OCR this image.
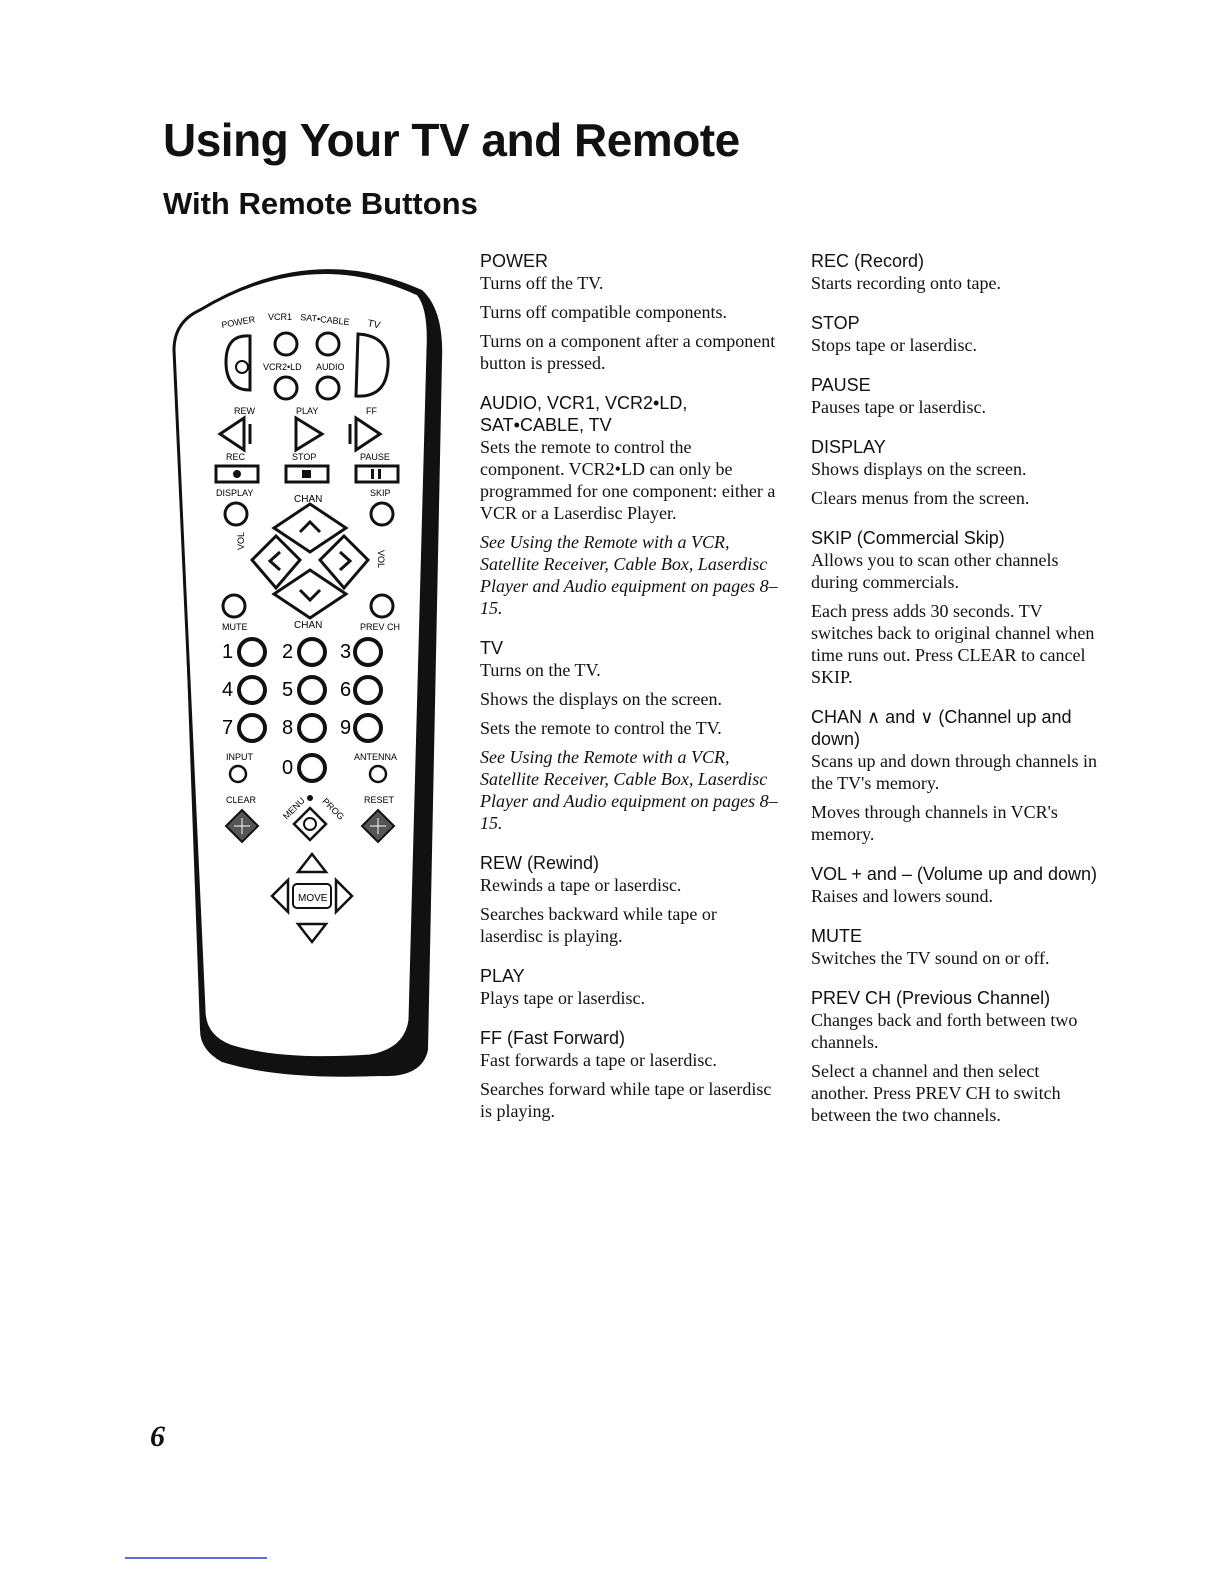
Using Your TV and Remote
With Remote Buttons
POWER VCR1 SAT•CABLE TV
VCR2•LD AUDIO
REW	PLAY	FF
REC	STOP	PAUSE
DISPLAY
CHAN
SKIP
VOL
VOL
MUTE	CHAN	PREV CH
1 2 3
4 5 6
7 8 9
0
INPUT	ANTENNA
CLEAR	RESET
MENU PROG
MOVE

POWER

Turns off the TV.

Turns off compatible components.

Turns on a component after a component button is pressed.

AUDIO, VCR1, VCR2•LD, SAT•CABLE, TV

Sets the remote to control the component. VCR2•LD can only be programmed for one component: either a VCR or a Laserdisc Player.

See Using the Remote with a VCR, Satellite Receiver, Cable Box, Laserdisc Player and Audio equipment on pages 8–15.

TV

Turns on the TV.

Shows the displays on the screen.

Sets the remote to control the TV.

See Using the Remote with a VCR, Satellite Receiver, Cable Box, Laserdisc Player and Audio equipment on pages 8–15.

REW (Rewind)

Rewinds a tape or laserdisc.

Searches backward while tape or laserdisc is playing.

PLAY

Plays tape or laserdisc.

FF (Fast Forward)

Fast forwards a tape or laserdisc.

Searches forward while tape or laserdisc is playing.

REC (Record)

Starts recording onto tape.

STOP

Stops tape or laserdisc.

PAUSE

Pauses tape or laserdisc.

DISPLAY

Shows displays on the screen.

Clears menus from the screen.

SKIP (Commercial Skip)

Allows you to scan other channels during commercials.

Each press adds 30 seconds. TV switches back to original channel when time runs out. Press CLEAR to cancel SKIP.

CHAN ∧ and ∨ (Channel up and down)

Scans up and down through channels in the TV's memory.

Moves through channels in VCR's memory.

VOL + and – (Volume up and down)

Raises and lowers sound.

MUTE

Switches the TV sound on or off.

PREV CH (Previous Channel)

Changes back and forth between two channels.

Select a channel and then select another. Press PREV CH to switch between the two channels.

6
